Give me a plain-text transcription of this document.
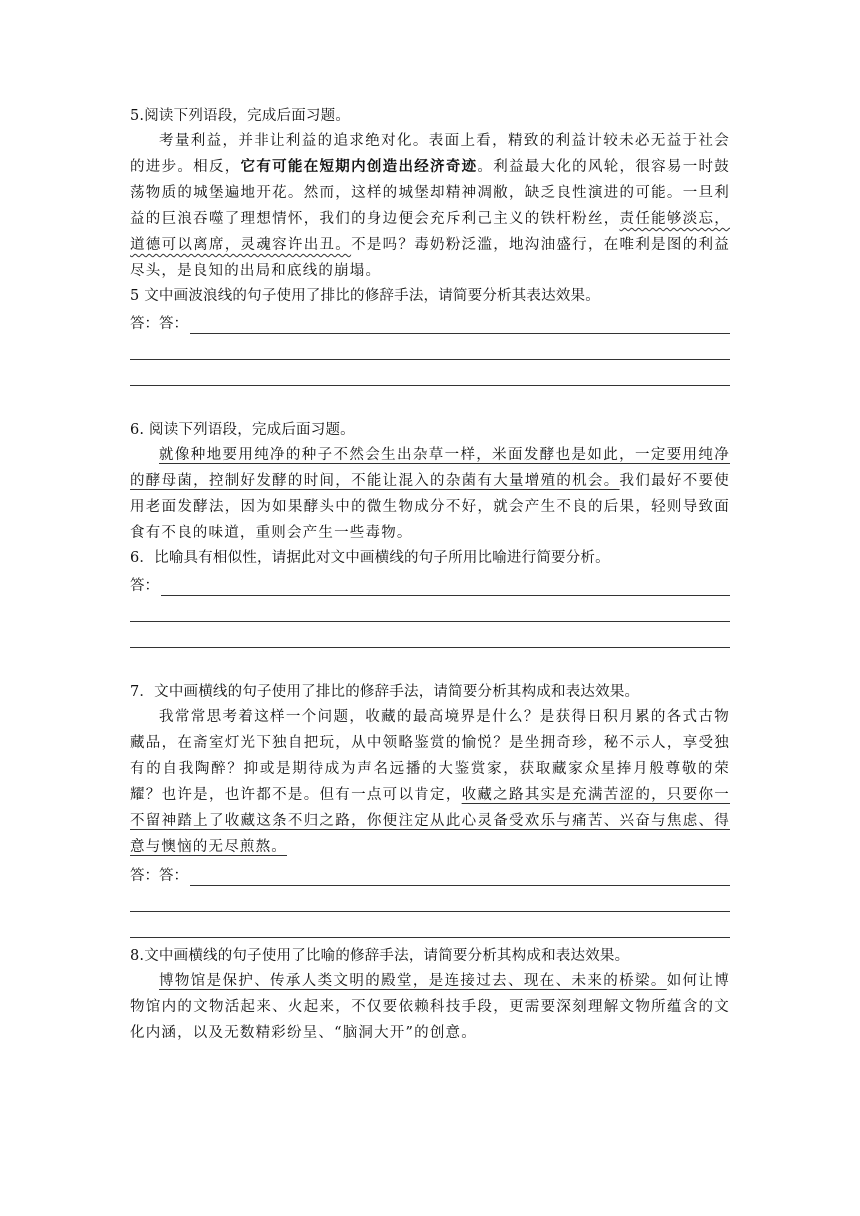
5.阅读下列语段，完成后面习题。

考量利益，并非让利益的追求绝对化。表面上看，精致的利益计较未必无益于社会的进步。相反，它有可能在短期内创造出经济奇迹。利益最大化的风轮，很容易一时鼓荡物质的城堡遍地开花。然而，这样的城堡却精神凋敝，缺乏良性演进的可能。一旦利益的巨浪吞噬了理想情怀，我们的身边便会充斥利己主义的铁杆粉丝，责任能够淡忘，道德可以离席，灵魂容许出丑。不是吗？毒奶粉泛滥，地沟油盛行，在唯利是图的利益尽头，是良知的出局和底线的崩塌。

5 文中画波浪线的句子使用了排比的修辞手法，请简要分析其表达效果。

答：答：

6. 阅读下列语段，完成后面习题。

就像种地要用纯净的种子不然会生出杂草一样，米面发酵也是如此，一定要用纯净的酵母菌，控制好发酵的时间，不能让混入的杂菌有大量增殖的机会。我们最好不要使用老面发酵法，因为如果酵头中的微生物成分不好，就会产生不良的后果，轻则导致面食有不良的味道，重则会产生一些毒物。

6．比喻具有相似性，请据此对文中画横线的句子所用比喻进行简要分析。

答：

7．文中画横线的句子使用了排比的修辞手法，请简要分析其构成和表达效果。

我常常思考着这样一个问题，收藏的最高境界是什么？是获得日积月累的各式古物藏品，在斋室灯光下独自把玩，从中领略鉴赏的愉悦？是坐拥奇珍，秘不示人，享受独有的自我陶醉？抑或是期待成为声名远播的大鉴赏家，获取藏家众星捧月般尊敬的荣耀？也许是，也许都不是。但有一点可以肯定，收藏之路其实是充满苦涩的，只要你一不留神踏上了收藏这条不归之路，你便注定从此心灵备受欢乐与痛苦、兴奋与焦虑、得意与懊恼的无尽煎熬。

答：答：

8.文中画横线的句子使用了比喻的修辞手法，请简要分析其构成和表达效果。

博物馆是保护、传承人类文明的殿堂，是连接过去、现在、未来的桥梁。如何让博物馆内的文物活起来、火起来，不仅要依赖科技手段，更需要深刻理解文物所蕴含的文化内涵，以及无数精彩纷呈、“脑洞大开”的创意。
